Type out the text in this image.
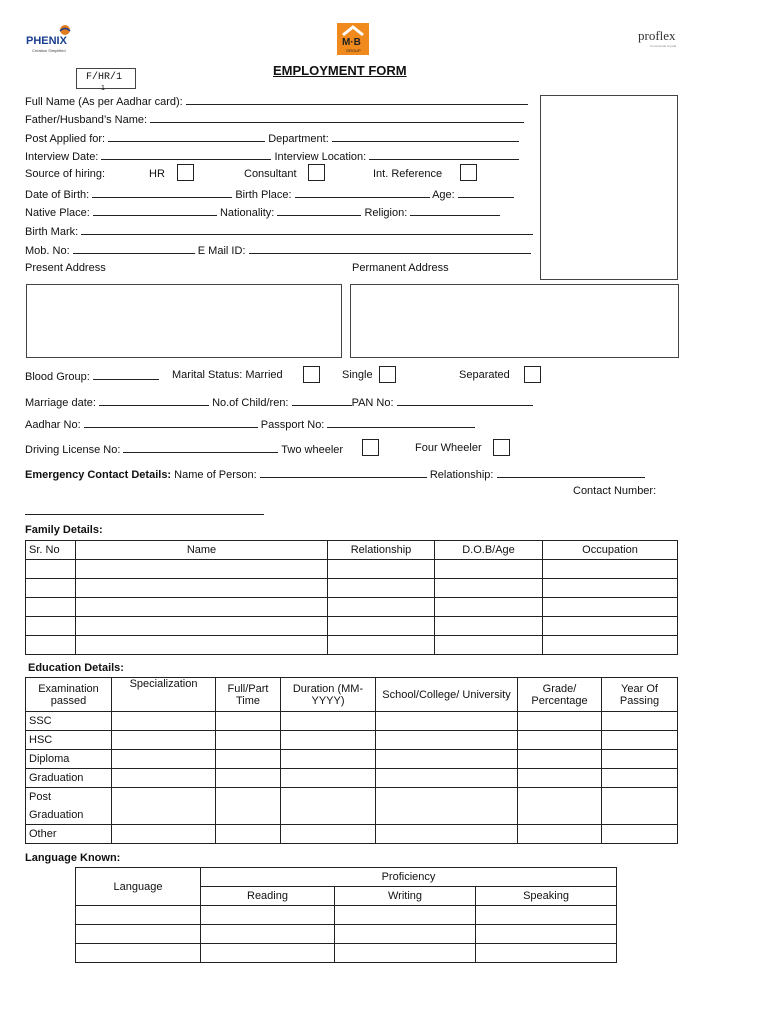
PHENIX
Creation Simplified
M·B
GROUP
proflex
Commercial Crystal
F/HR/1
1
EMPLOYMENT FORM
Full Name (As per Aadhar card):
Father/Husband’s Name:
Post Applied for:	Department:
Interview Date:	Interview Location:
Source of hiring:	HR	Consultant	Int. Reference
Date of Birth:	Birth Place:	Age:
Native Place:	Nationality:	Religion:
Birth Mark:
Mob. No:	E Mail ID:
Present Address	Permanent Address
Blood Group:	Marital Status: Married	Single	Separated
Marriage date:	No.of Child/ren:	PAN No:
Aadhar No:	Passport No:
Driving License No:	Two wheeler	Four Wheeler
Emergency Contact Details: Name of Person:	Relationship:
Contact Number:
Family Details:
Sr. No	Name	Relationship	D.O.B/Age	Occupation

Education Details:
Examination passed	Specialization	Full/Part Time	Duration (MM-YYYY)	School/College/ University	Grade/ Percentage	Year Of Passing
SSC						
HSC						
Diploma						
Graduation						
Post Graduation						
Other						
Language Known:
Language	Proficiency		
	Reading	Writing	Speaking
